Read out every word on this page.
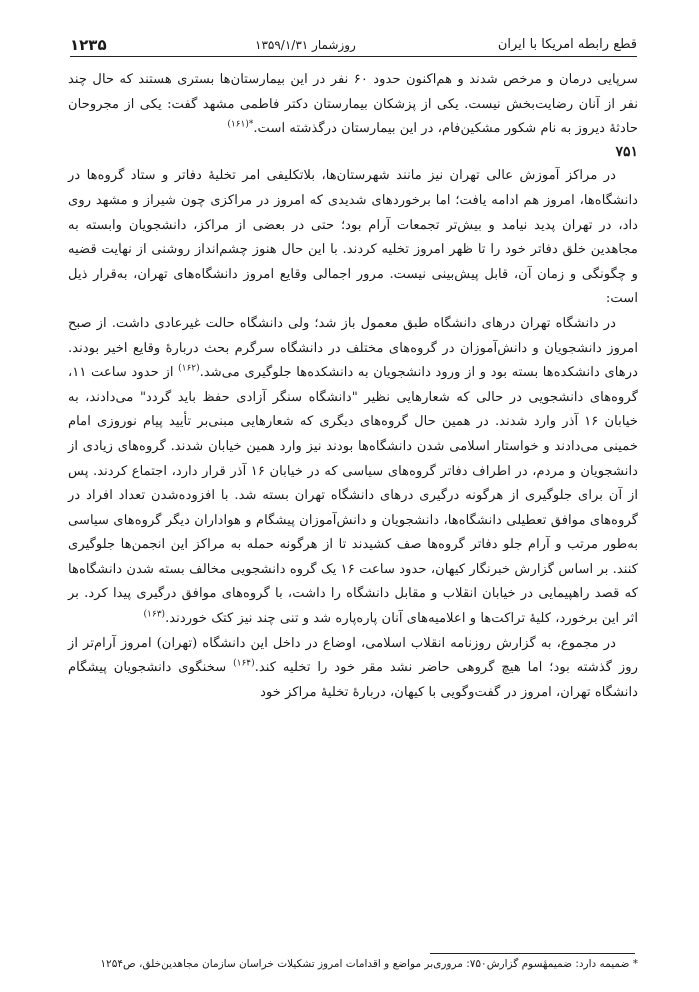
۱۲۳۵	روزشمار ۱۳۵۹/۱/۳۱	قطع رابطه امریکا با ایران

سرپایی درمان و مرخص شدند و هم‌اکنون حدود ۶۰ نفر در این بیمارستان‌ها بستری هستند که حال چند نفر از آنان رضایت‌بخش نیست. یکی از پزشکان بیمارستان دکتر فاطمی مشهد گفت: یکی از مجروحان حادثهٔ دیروز به نام شکور مشکین‌فام، در این بیمارستان درگذشته است.$^{*(۱۶۱)}$

۷۵۱

در مراکز آموزش عالی تهران نیز مانند شهرستان‌ها، بلاتکلیفی امر تخلیهٔ دفاتر و ستاد گروه‌ها در دانشگاه‌ها، امروز هم ادامه یافت؛ اما برخوردهای شدیدی که امروز در مراکزی چون شیراز و مشهد روی داد، در تهران پدید نیامد و بیش‌تر تجمعات آرام بود؛ حتی در بعضی از مراکز، دانشجویان وابسته به مجاهدین خلق دفاتر خود را تا ظهر امروز تخلیه کردند. با این حال هنوز چشم‌انداز روشنی از نهایت قضیه و چگونگی و زمان آن، قابل پیش‌بینی نیست. مرور اجمالی وقایع امروز دانشگاه‌های تهران، به‌قرار ذیل است:

در دانشگاه تهران درهای دانشگاه طبق معمول باز شد؛ ولی دانشگاه حالت غیرعادی داشت. از صبح امروز دانشجویان و دانش‌آموزان در گروه‌های مختلف در دانشگاه سرگرم بحث دربارهٔ وقایع اخیر بودند. درهای دانشکده‌ها بسته بود و از ورود دانشجویان به دانشکده‌ها جلوگیری می‌شد.$^{(۱۶۲)}$ از حدود ساعت ۱۱، گروه‌های دانشجویی در حالی که شعارهایی نظیر "دانشگاه سنگر آزادی حفظ باید گردد" می‌دادند، به خیابان ۱۶ آذر وارد شدند. در همین حال گروه‌های دیگری که شعارهایی مبنی‌بر تأیید پیام نوروزی امام خمینی می‌دادند و خواستار اسلامی شدن دانشگاه‌ها بودند نیز وارد همین خیابان شدند. گروه‌های زیادی از دانشجویان و مردم، در اطراف دفاتر گروه‌های سیاسی که در خیابان ۱۶ آذر قرار دارد، اجتماع کردند. پس از آن برای جلوگیری از هرگونه درگیری درهای دانشگاه تهران بسته شد. با افزوده‌شدن تعداد افراد در گروه‌های موافق تعطیلی دانشگاه‌ها، دانشجویان و دانش‌آموزان پیشگام و هواداران دیگر گروه‌های سیاسی به‌طور مرتب و آرام جلو دفاتر گروه‌ها صف کشیدند تا از هرگونه حمله به مراکز این انجمن‌ها جلوگیری کنند. بر اساس گزارش خبرنگار کیهان، حدود ساعت ۱۶ یک گروه دانشجویی مخالف بسته شدن دانشگاه‌ها که قصد راهپیمایی در خیابان انقلاب و مقابل دانشگاه را داشت، با گروه‌های موافق درگیری پیدا کرد. بر اثر این برخورد، کلیهٔ تراکت‌ها و اعلامیه‌های آنان پاره‌پاره شد و تنی چند نیز کتک خوردند.$^{(۱۶۳)}$

در مجموع، به گزارش روزنامه انقلاب اسلامی، اوضاع در داخل این دانشگاه (تهران) امروز آرام‌تر از روز گذشته بود؛ اما هیچ گروهی حاضر نشد مقر خود را تخلیه کند.$^{(۱۶۴)}$ سخنگوی دانشجویان پیشگام دانشگاه تهران، امروز در گفت‌وگویی با کیهان، دربارهٔ تخلیهٔ مراکز خود

* ضمیمه دارد: ضمیمهٔسوم گزارش۷۵۰: مروری‌بر مواضع و اقدامات امروز تشکیلات خراسان سازمان مجاهدین‌خلق، ص۱۲۵۴
